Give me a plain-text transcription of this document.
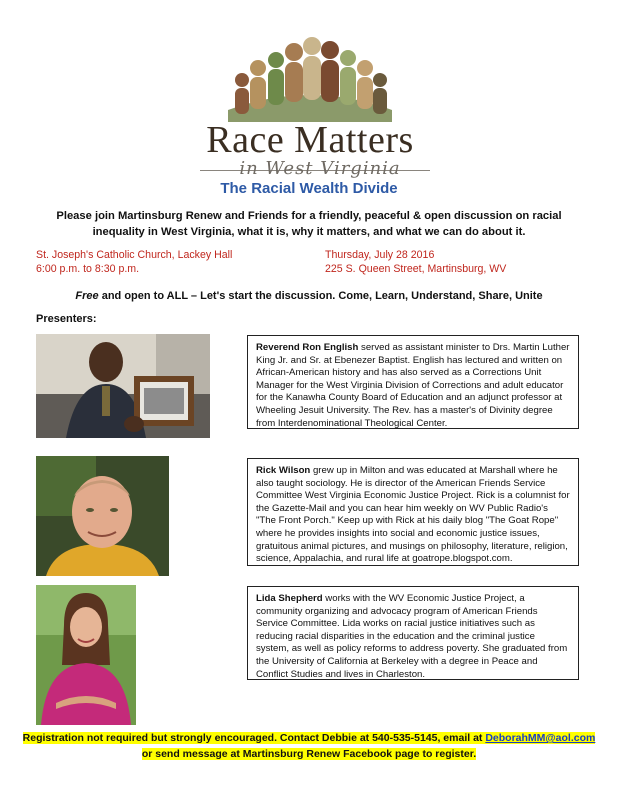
Race Matters
in West Virginia
The Racial Wealth Divide
Please join Martinsburg Renew and Friends for a friendly, peaceful & open discussion on racial inequality in West Virginia, what it is, why it matters, and what we can do about it.
St. Joseph's Catholic Church, Lackey Hall
6:00 p.m. to 8:30 p.m.
Thursday, July 28 2016
225 S. Queen Street, Martinsburg, WV
Free and open to ALL – Let's start the discussion. Come, Learn, Understand, Share, Unite
Presenters:
Reverend Ron English served as assistant minister to Drs. Martin Luther King Jr. and Sr. at Ebenezer Baptist. English has lectured and written on African-American history and has also served as a Corrections Unit Manager for the West Virginia Division of Corrections and adult educator for the Kanawha County Board of Education and an adjunct professor at Wheeling Jesuit University. The Rev. has a master's of Divinity degree from Interdenominational Theological Center.
Rick Wilson grew up in Milton and was educated at Marshall where he also taught sociology. He is director of the American Friends Service Committee West Virginia Economic Justice Project. Rick is a columnist for the Gazette-Mail and you can hear him weekly on WV Public Radio's "The Front Porch." Keep up with Rick at his daily blog "The Goat Rope" where he provides insights into social and economic justice issues, gratuitous animal pictures, and musings on philosophy, literature, religion, science, Appalachia, and rural life at goatrope.blogspot.com.
Lida Shepherd works with the WV Economic Justice Project, a community organizing and advocacy program of American Friends Service Committee. Lida works on racial justice initiatives such as reducing racial disparities in the education and the criminal justice system, as well as policy reforms to address poverty. She graduated from the University of California at Berkeley with a degree in Peace and Conflict Studies and lives in Charleston.
Registration not required but strongly encouraged. Contact Debbie at 540-535-5145, email at DeborahMM@aol.com
or send message at Martinsburg Renew Facebook page to register.
